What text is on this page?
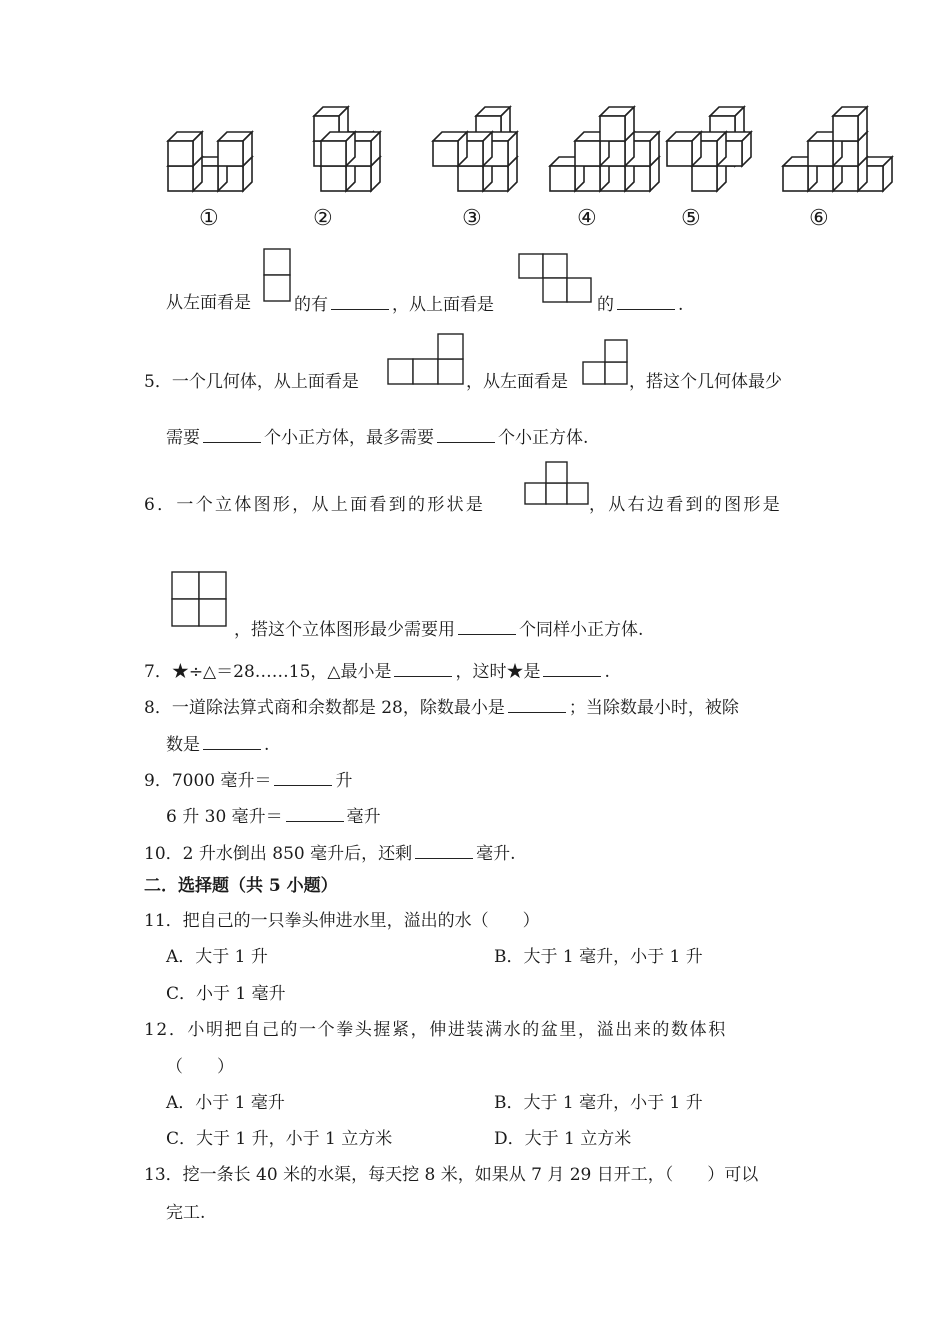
①	②	③	④	⑤	⑥
从左面看是	的有	，从上面看是	的	.
5．一个几何体，从上面看是	，从左面看是	，搭这个几何体最少
需要	个小正方体，最多需要	个小正方体.
6．一个立体图形，从上面看到的形状是	，从右边看到的图形是
，搭这个立体图形最少需要用	个同样小正方体.
7．★÷△＝28……15，△最小是	，这时★是	.
8．一道除法算式商和余数都是 28，除数最小是	；当除数最小时，被除
数是	.
9．7000 毫升＝	升
6 升 30 毫升＝	毫升
10．2 升水倒出 850 毫升后，还剩	毫升.
二．选择题（共 5 小题）
11．把自己的一只拳头伸进水里，溢出的水（　　）
A．大于 1 升	B．大于 1 毫升，小于 1 升
C．小于 1 毫升
12．小明把自己的一个拳头握紧，伸进装满水的盆里，溢出来的数体积
（　　）
A．小于 1 毫升	B．大于 1 毫升，小于 1 升
C．大于 1 升，小于 1 立方米	D．大于 1 立方米
13．挖一条长 40 米的水渠，每天挖 8 米，如果从 7 月 29 日开工，（　　）可以
完工.
